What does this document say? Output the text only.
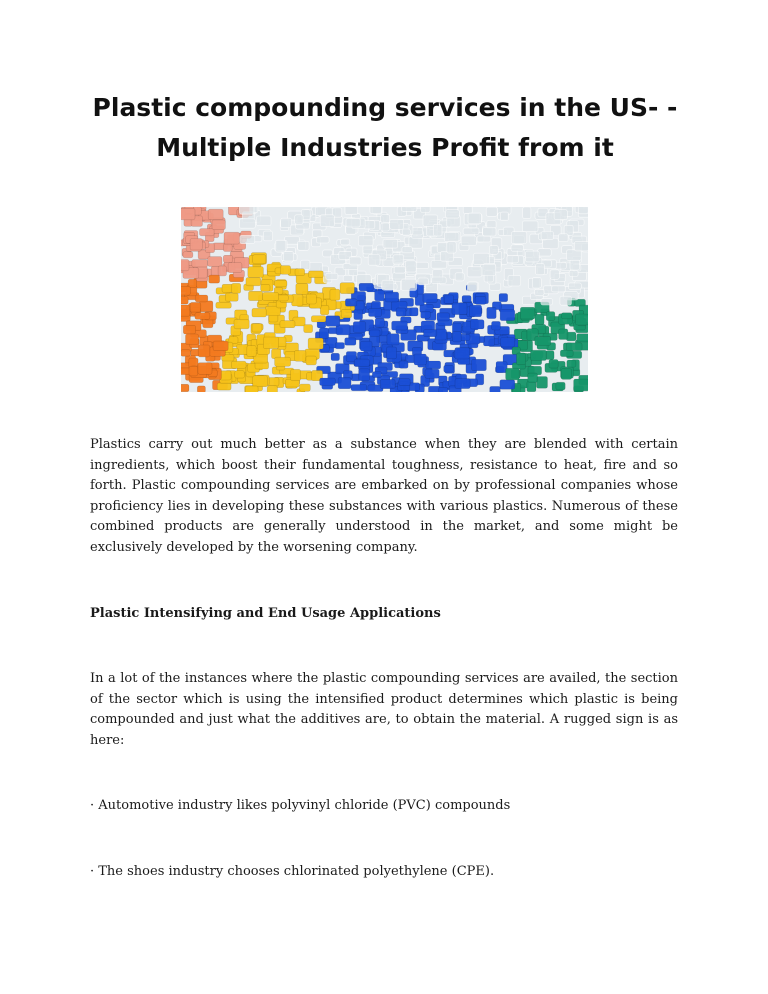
Plastic compounding services in the US- - Multiple Industries Profit from it

Plastics carry out much better as a substance when they are blended with certain ingredients, which boost their fundamental toughness, resistance to heat, fire and so forth. Plastic compounding services are embarked on by professional companies whose proficiency lies in developing these substances with various plastics. Numerous of these combined products are generally understood in the market, and some might be exclusively developed by the worsening company.

Plastic Intensifying and End Usage Applications

In a lot of the instances where the plastic compounding services are availed, the section of the sector which is using the intensified product determines which plastic is being compounded and just what the additives are, to obtain the material. A rugged sign is as here:

· Automotive industry likes polyvinyl chloride (PVC) compounds

· The shoes industry chooses chlorinated polyethylene (CPE).
